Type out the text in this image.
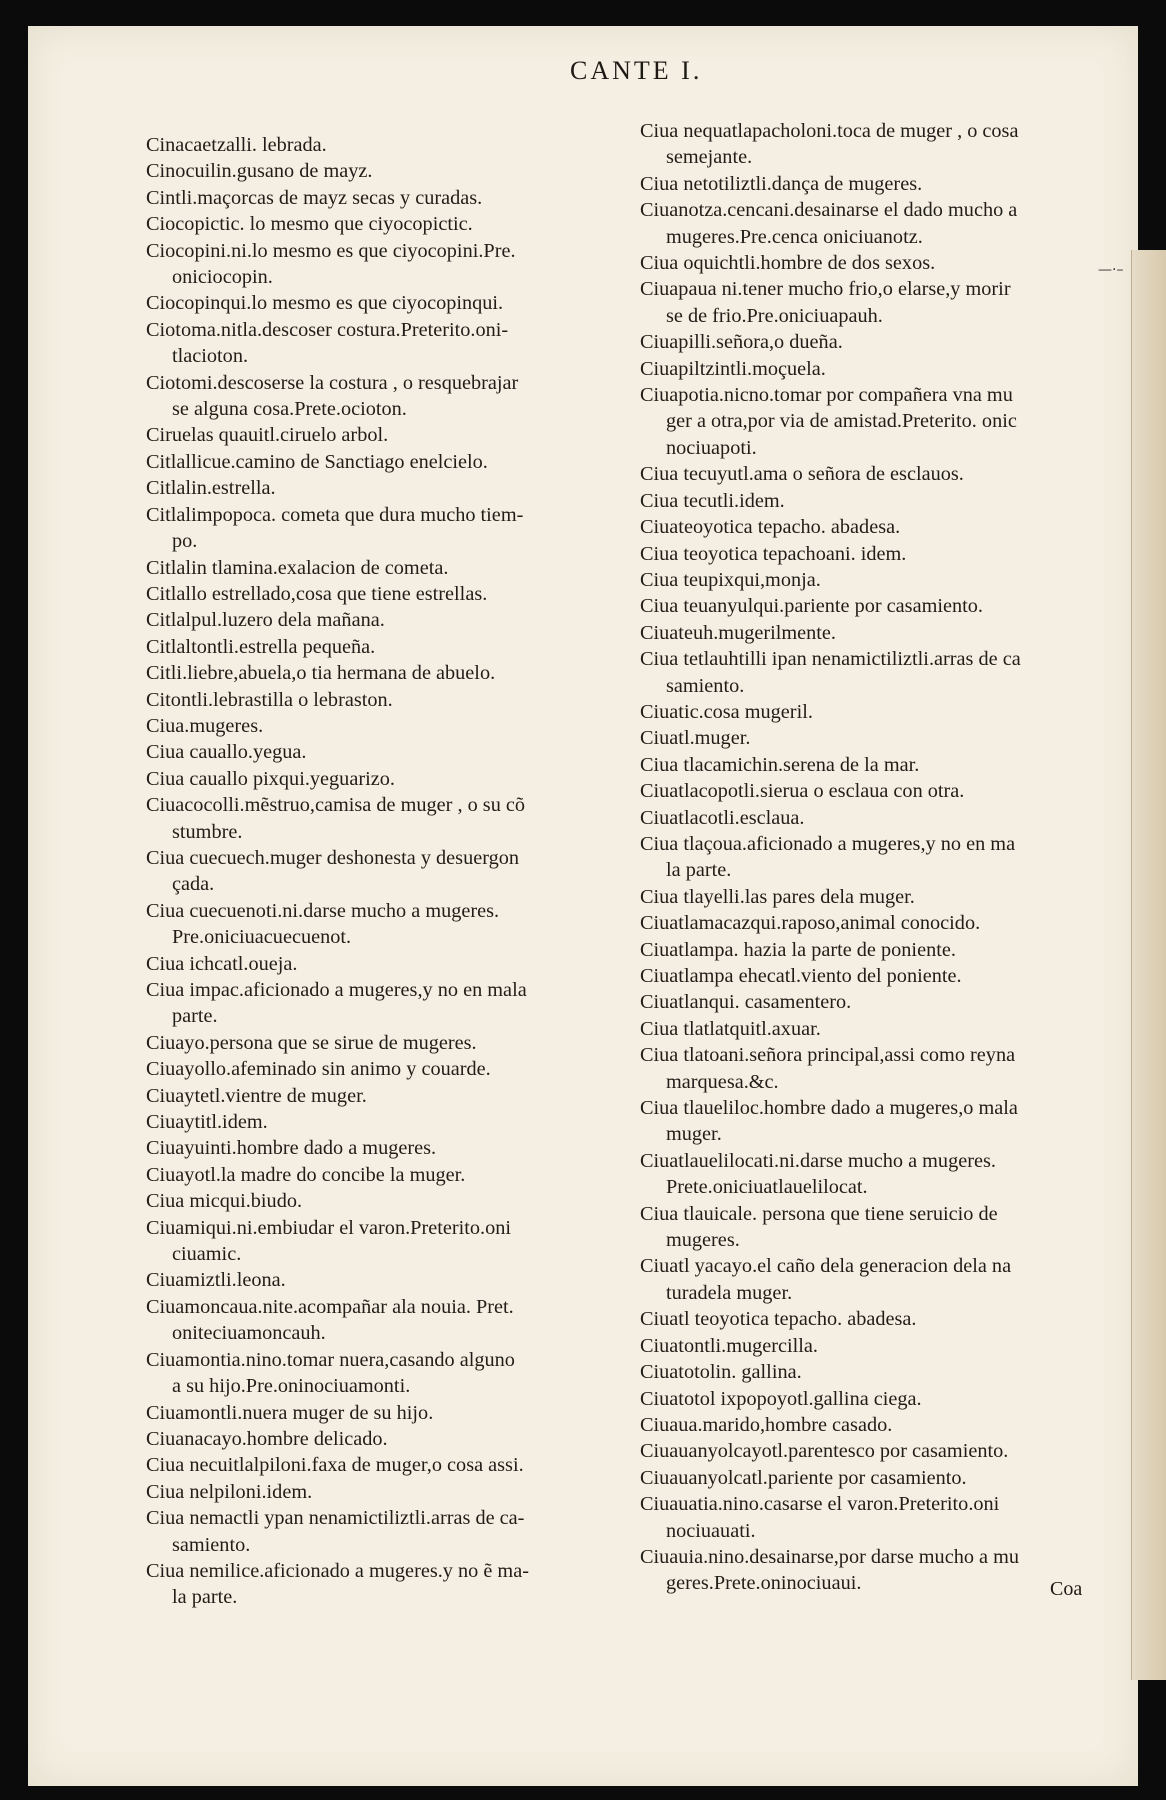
CANTE I.

Cinacaetzalli. lebrada.

Cinocuilin.gusano de mayz.

Cintli.maçorcas de mayz secas y curadas.

Ciocopictic. lo mesmo que ciyocopictic.

Ciocopini.ni.lo mesmo es que ciyocopini.Pre.
oniciocopin.

Ciocopinqui.lo mesmo es que ciyocopinqui.

Ciotoma.nitla.descoser costura.Preterito.oni-
tlacioton.

Ciotomi.descoserse la costura , o resquebrajar
se alguna cosa.Prete.ocioton.

Ciruelas quauitl.ciruelo arbol.

Citlallicue.camino de Sanctiago enelcielo.

Citlalin.estrella.

Citlalimpopoca. cometa que dura mucho tiem-
po.

Citlalin tlamina.exalacion de cometa.

Citlallo estrellado,cosa que tiene estrellas.

Citlalpul.luzero dela mañana.

Citlaltontli.estrella pequeña.

Citli.liebre,abuela,o tia hermana de abuelo.

Citontli.lebrastilla o lebraston.

Ciua.mugeres.

Ciua cauallo.yegua.

Ciua cauallo pixqui.yeguarizo.

Ciuacocolli.mẽstruo,camisa de muger , o su cõ
stumbre.

Ciua cuecuech.muger deshonesta y desuergon
çada.

Ciua cuecuenoti.ni.darse mucho a mugeres.
Pre.oniciuacuecuenot.

Ciua ichcatl.oueja.

Ciua impac.aficionado a mugeres,y no en mala
parte.

Ciuayo.persona que se sirue de mugeres.

Ciuayollo.afeminado sin animo y couarde.

Ciuaytetl.vientre de muger.

Ciuaytitl.idem.

Ciuayuinti.hombre dado a mugeres.

Ciuayotl.la madre do concibe la muger.

Ciua micqui.biudo.

Ciuamiqui.ni.embiudar el varon.Preterito.oni
ciuamic.

Ciuamiztli.leona.

Ciuamoncaua.nite.acompañar ala nouia. Pret.
oniteciuamoncauh.

Ciuamontia.nino.tomar nuera,casando alguno
a su hijo.Pre.oninociuamonti.

Ciuamontli.nuera muger de su hijo.

Ciuanacayo.hombre delicado.

Ciua necuitlalpiloni.faxa de muger,o cosa assi.

Ciua nelpiloni.idem.

Ciua nemactli ypan nenamictiliztli.arras de ca-
samiento.

Ciua nemilice.aficionado a mugeres.y no ẽ ma-
la parte.

Ciua nequatlapacholoni.toca de muger , o cosa
semejante.

Ciua netotiliztli.dança de mugeres.

Ciuanotza.cencani.desainarse el dado mucho a
mugeres.Pre.cenca oniciuanotz.

Ciua oquichtli.hombre de dos sexos.

Ciuapaua ni.tener mucho frio,o elarse,y morir
se de frio.Pre.oniciuapauh.

Ciuapilli.señora,o dueña.

Ciuapiltzintli.moçuela.

Ciuapotia.nicno.tomar por compañera vna mu
ger a otra,por via de amistad.Preterito. onic
nociuapoti.

Ciua tecuyutl.ama o señora de esclauos.

Ciua tecutli.idem.

Ciuateoyotica tepacho. abadesa.

Ciua teoyotica tepachoani. idem.

Ciua teupixqui,monja.

Ciua teuanyulqui.pariente por casamiento.

Ciuateuh.mugerilmente.

Ciua tetlauhtilli ipan nenamictiliztli.arras de ca
samiento.

Ciuatic.cosa mugeril.

Ciuatl.muger.

Ciua tlacamichin.serena de la mar.

Ciuatlacopotli.sierua o esclaua con otra.

Ciuatlacotli.esclaua.

Ciua tlaçoua.aficionado a mugeres,y no en ma
la parte.

Ciua tlayelli.las pares dela muger.

Ciuatlamacazqui.raposo,animal conocido.

Ciuatlampa. hazia la parte de poniente.

Ciuatlampa ehecatl.viento del poniente.

Ciuatlanqui. casamentero.

Ciua tlatlatquitl.axuar.

Ciua tlatoani.señora principal,assi como reyna
marquesa.&c.

Ciua tlaueliloc.hombre dado a mugeres,o mala
muger.

Ciuatlauelilocati.ni.darse mucho a mugeres.
Prete.oniciuatlauelilocat.

Ciua tlauicale. persona que tiene seruicio de
mugeres.

Ciuatl yacayo.el caño dela generacion dela na
turadela muger.

Ciuatl teoyotica tepacho. abadesa.

Ciuatontli.mugercilla.

Ciuatotolin. gallina.

Ciuatotol ixpopoyotl.gallina ciega.

Ciuaua.marido,hombre casado.

Ciuauanyolcayotl.parentesco por casamiento.

Ciuauanyolcatl.pariente por casamiento.

Ciuauatia.nino.casarse el varon.Preterito.oni
nociuauati.

Ciuauia.nino.desainarse,por darse mucho a mu
geres.Prete.oninociuaui.

—·–
Coa
